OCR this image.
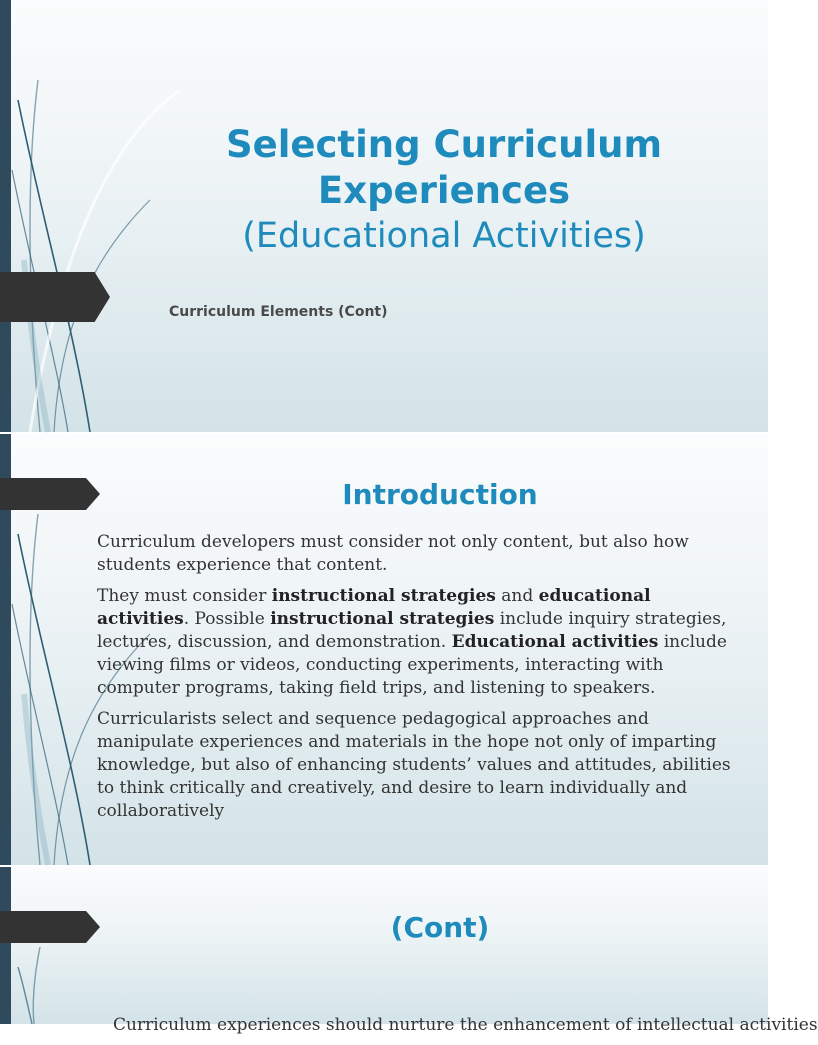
Selecting Curriculum
Experiences
(Educational Activities)
Curriculum Elements (Cont)
Introduction
Curriculum developers must consider not only content, but also how students experience that content.
They must consider instructional strategies and educational activities. Possible instructional strategies include inquiry strategies, lectures, discussion, and demonstration. Educational activities include viewing films or videos, conducting experiments, interacting with computer programs, taking field trips, and listening to speakers.
Curricularists select and sequence pedagogical approaches and manipulate experiences and materials in the hope not only of imparting knowledge, but also of enhancing students’ values and attitudes, abilities to think critically and creatively, and desire to learn individually and collaboratively
(Cont)
Curriculum experiences should nurture the enhancement of intellectual activities
